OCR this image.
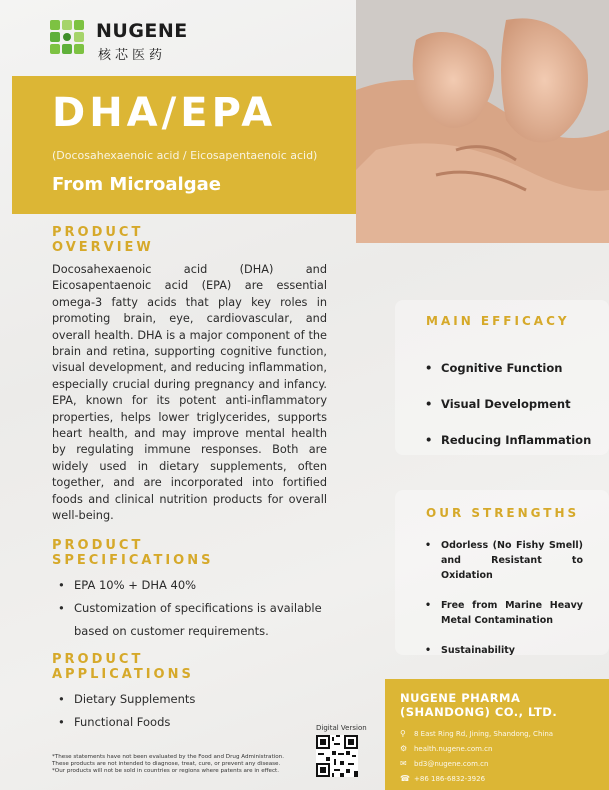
NUGENE
核芯医药
DHA/EPA
(Docosahexaenoic acid / Eicosapentaenoic acid)
From Microalgae
PRODUCT
OVERVIEW
Docosahexaenoic acid (DHA) and Eicosapentaenoic acid (EPA) are essential omega-3 fatty acids that play key roles in promoting brain, eye, cardiovascular, and overall health. DHA is a major component of the brain and retina, supporting cognitive function, visual development, and reducing inflammation, especially crucial during pregnancy and infancy. EPA, known for its potent anti-inflammatory properties, helps lower triglycerides, supports heart health, and may improve mental health by regulating immune responses. Both are widely used in dietary supplements, often together, and are incorporated into fortified foods and clinical nutrition products for overall well-being.
PRODUCT
SPECIFICATIONS
• EPA 10% + DHA 40%
• Customization of specifications is available based on customer requirements.
PRODUCT
APPLICATIONS
• Dietary Supplements
• Functional Foods
MAIN EFFICACY
• Cognitive Function
• Visual Development
• Reducing Inflammation
OUR STRENGTHS
• Odorless (No Fishy Smell) and Resistant to Oxidation
• Free from Marine Heavy Metal Contamination
• Sustainability
Digital Version
*These statements have not been evaluated by the Food and Drug Administration.
These products are not intended to diagnose, treat, cure, or prevent any disease.
*Our products will not be sold in countries or regions where patents are in effect.
NUGENE PHARMA (SHANDONG) CO., LTD.
⚲ 8 East Ring Rd, Jining, Shandong, China
⚙ health.nugene.com.cn
✉ bd3@nugene.com.cn
☎ +86 186-6832-3926
